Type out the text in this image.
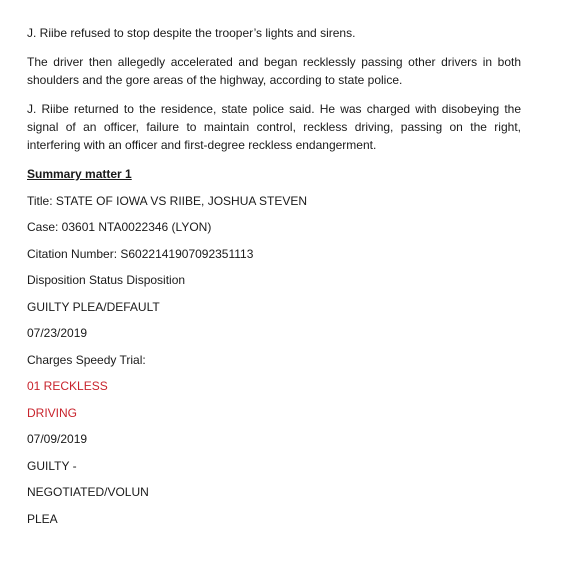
J. Riibe refused to stop despite the trooper’s lights and sirens.

The driver then allegedly accelerated and began recklessly passing other drivers in both shoulders and the gore areas of the highway, according to state police.

J. Riibe returned to the residence, state police said. He was charged with disobeying the signal of an officer, failure to maintain control, reckless driving, passing on the right, interfering with an officer and first-degree reckless endangerment.

Summary matter 1

Title: STATE OF IOWA VS RIIBE, JOSHUA STEVEN

Case: 03601 NTA0022346 (LYON)

Citation Number: S6022141907092351113

Disposition Status Disposition

GUILTY PLEA/DEFAULT

07/23/2019

Charges Speedy Trial:

01 RECKLESS

DRIVING

07/09/2019

GUILTY -

NEGOTIATED/VOLUN

PLEA
